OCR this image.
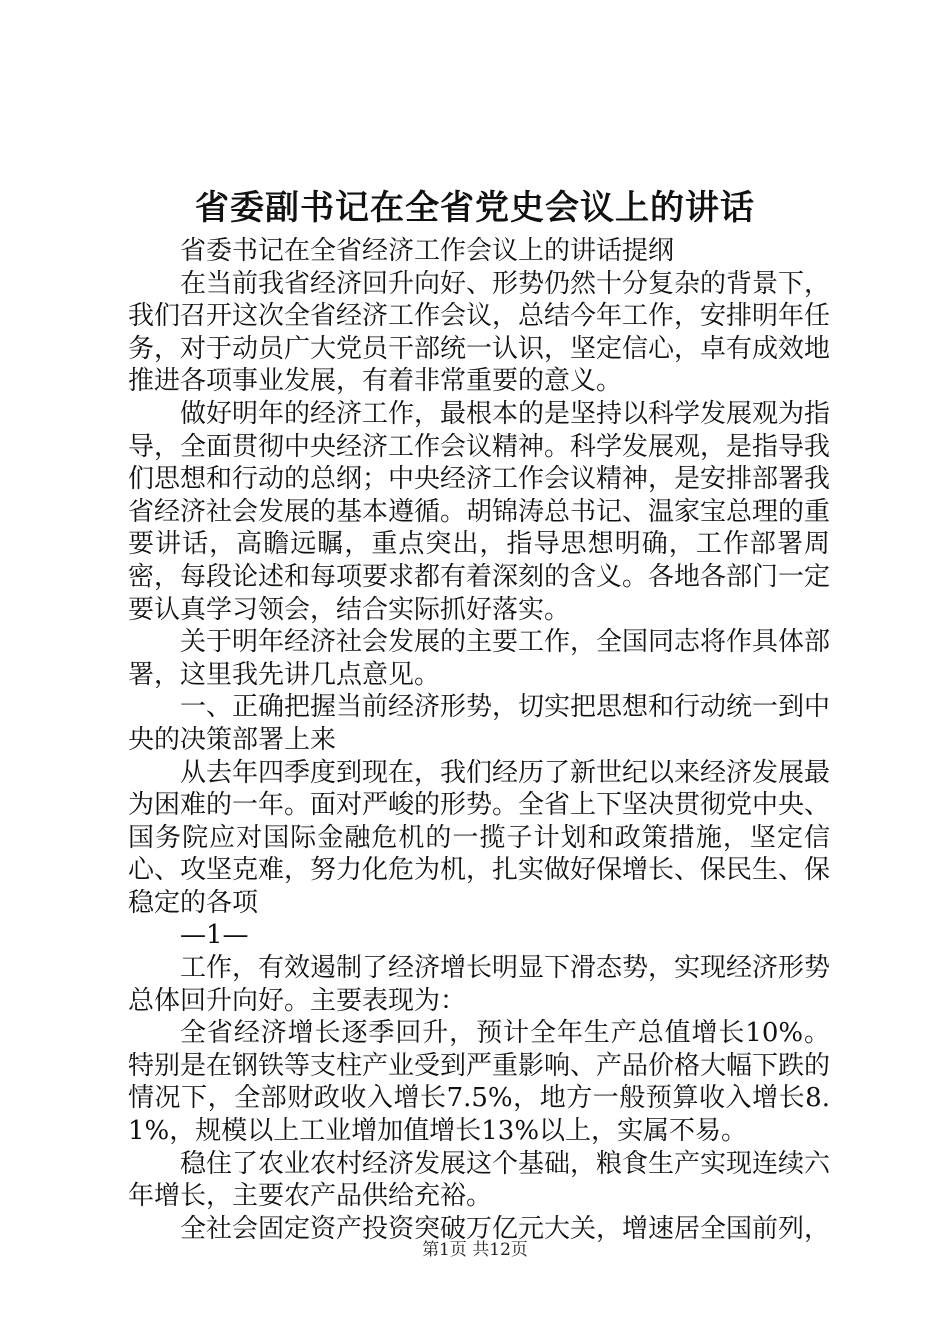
省委副书记在全省党史会议上的讲话

省委书记在全省经济工作会议上的讲话提纲

在当前我省经济回升向好、形势仍然十分复杂的背景下，我们召开这次全省经济工作会议，总结今年工作，安排明年任务，对于动员广大党员干部统一认识，坚定信心，卓有成效地推进各项事业发展，有着非常重要的意义。

做好明年的经济工作，最根本的是坚持以科学发展观为指导，全面贯彻中央经济工作会议精神。科学发展观，是指导我们思想和行动的总纲；中央经济工作会议精神，是安排部署我省经济社会发展的基本遵循。胡锦涛总书记、温家宝总理的重要讲话，高瞻远瞩，重点突出，指导思想明确，工作部署周密，每段论述和每项要求都有着深刻的含义。各地各部门一定要认真学习领会，结合实际抓好落实。

关于明年经济社会发展的主要工作，全国同志将作具体部署，这里我先讲几点意见。

一、正确把握当前经济形势，切实把思想和行动统一到中央的决策部署上来

从去年四季度到现在，我们经历了新世纪以来经济发展最为困难的一年。面对严峻的形势。全省上下坚决贯彻党中央、国务院应对国际金融危机的一揽子计划和政策措施，坚定信心、攻坚克难，努力化危为机，扎实做好保增长、保民生、保稳定的各项

—1—

工作，有效遏制了经济增长明显下滑态势，实现经济形势总体回升向好。主要表现为：

全省经济增长逐季回升，预计全年生产总值增长10%。特别是在钢铁等支柱产业受到严重影响、产品价格大幅下跌的情况下，全部财政收入增长7.5%，地方一般预算收入增长8.1%，规模以上工业增加值增长13%以上，实属不易。

稳住了农业农村经济发展这个基础，粮食生产实现连续六年增长，主要农产品供给充裕。

全社会固定资产投资突破万亿元大关，增速居全国前列，

第1页 共12页
